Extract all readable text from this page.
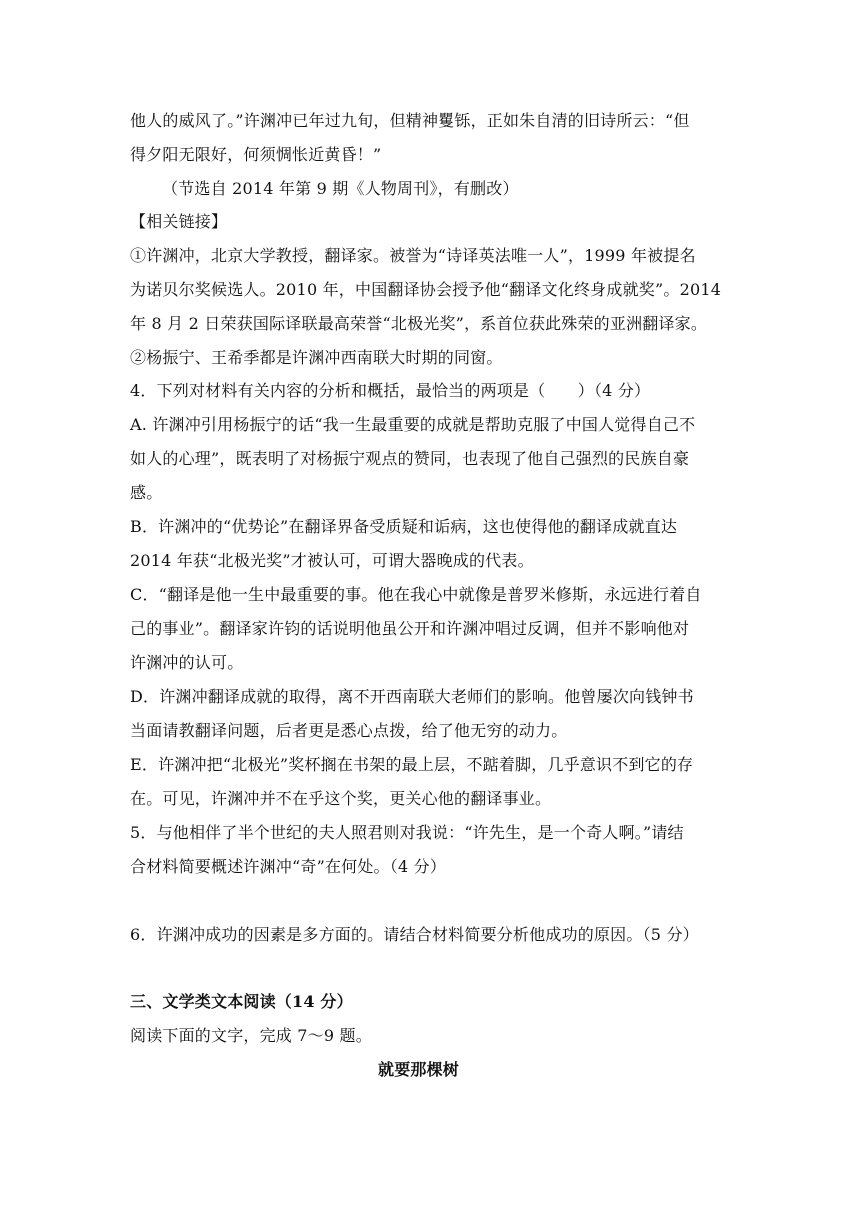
他人的威风了。”许渊冲已年过九旬，但精神矍铄，正如朱自清的旧诗所云：“但
得夕阳无限好，何须惆怅近黄昏！”
（节选自 2014 年第 9 期《人物周刊》，有删改）
【相关链接】
①许渊冲，北京大学教授，翻译家。被誉为“诗译英法唯一人”，1999 年被提名
为诺贝尔奖候选人。2010 年，中国翻译协会授予他“翻译文化终身成就奖”。2014
年 8 月 2 日荣获国际译联最高荣誉“北极光奖”，系首位获此殊荣的亚洲翻译家。
②杨振宁、王希季都是许渊冲西南联大时期的同窗。
4．下列对材料有关内容的分析和概括，最恰当的两项是（　　）（4 分）
A. 许渊冲引用杨振宁的话“我一生最重要的成就是帮助克服了中国人觉得自己不
如人的心理”，既表明了对杨振宁观点的赞同，也表现了他自己强烈的民族自豪
感。
B．许渊冲的“优势论”在翻译界备受质疑和诟病，这也使得他的翻译成就直达
2014 年获“北极光奖”才被认可，可谓大器晚成的代表。
C．“翻译是他一生中最重要的事。他在我心中就像是普罗米修斯，永远进行着自
己的事业”。翻译家许钧的话说明他虽公开和许渊冲唱过反调，但并不影响他对
许渊冲的认可。
D．许渊冲翻译成就的取得，离不开西南联大老师们的影响。他曾屡次向钱钟书
当面请教翻译问题，后者更是悉心点拨，给了他无穷的动力。
E．许渊冲把“北极光”奖杯搁在书架的最上层，不踮着脚，几乎意识不到它的存
在。可见，许渊冲并不在乎这个奖，更关心他的翻译事业。
5．与他相伴了半个世纪的夫人照君则对我说：“许先生，是一个奇人啊。”请结
合材料简要概述许渊冲“奇”在何处。（4 分）
6．许渊冲成功的因素是多方面的。请结合材料简要分析他成功的原因。（5 分）
三、文学类文本阅读（14 分）
阅读下面的文字，完成 7～9 题。
就要那棵树
